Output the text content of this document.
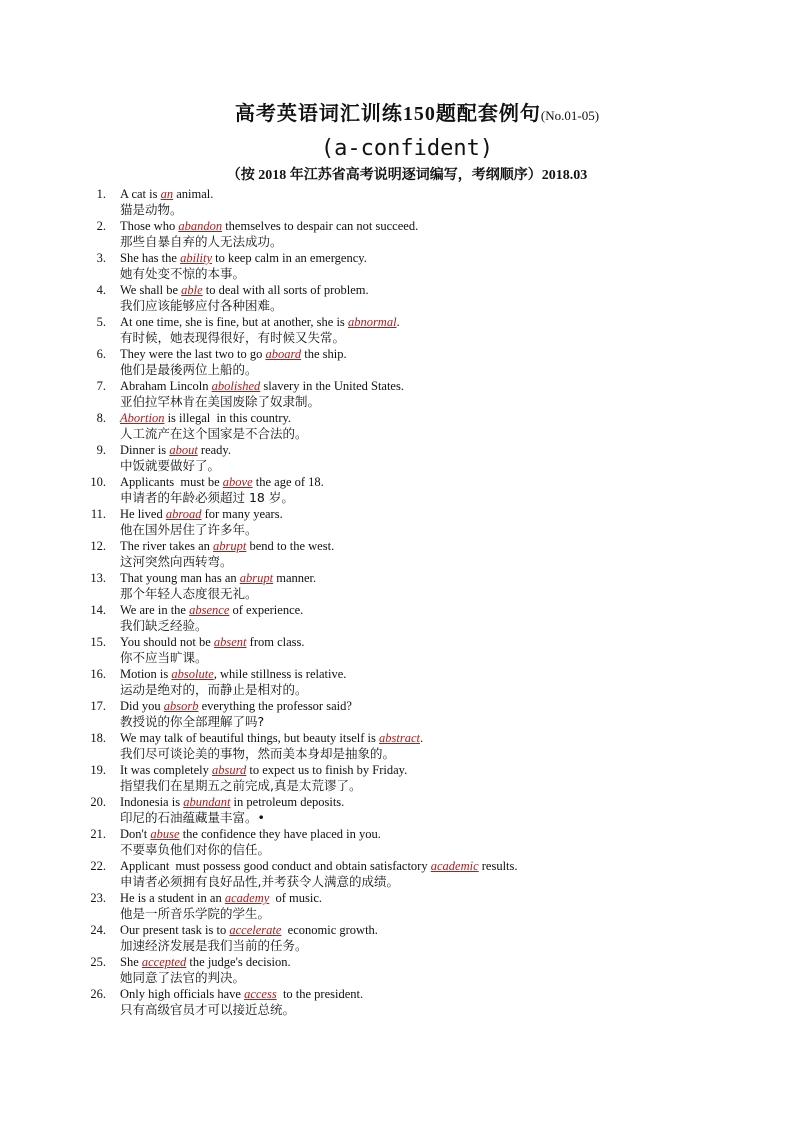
高考英语词汇训练150题配套例句(No.01-05)
(a-confident)
（按 2018 年江苏省高考说明逐词编写，考纲顺序）2018.03
1. A cat is an animal.
猫是动物。
2. Those who abandon themselves to despair can not succeed.
那些自暴自弃的人无法成功。
3. She has the ability to keep calm in an emergency.
她有处变不惊的本事。
4. We shall be able to deal with all sorts of problem.
我们应该能够应付各种困难。
5. At one time, she is fine, but at another, she is abnormal.
有时候，她表现得很好，有时候又失常。
6. They were the last two to go aboard the ship.
他们是最後两位上船的。
7. Abraham Lincoln abolished slavery in the United States.
亚伯拉罕林肯在美国废除了奴隶制。
8. Abortion is illegal  in this country.
人工流产在这个国家是不合法的。
9. Dinner is about ready.
中饭就要做好了。
10. Applicants  must be above the age of 18.
申请者的年龄必须超过 18 岁。
11. He lived abroad for many years.
他在国外居住了许多年。
12. The river takes an abrupt bend to the west.
这河突然向西转弯。
13. That young man has an abrupt manner.
那个年轻人态度很无礼。
14. We are in the absence of experience.
我们缺乏经验。
15. You should not be absent from class.
你不应当旷课。
16. Motion is absolute, while stillness is relative.
运动是绝对的，而静止是相对的。
17. Did you absorb everything the professor said?
教授说的你全部理解了吗?
18. We may talk of beautiful things, but beauty itself is abstract.
我们尽可谈论美的事物，然而美本身却是抽象的。
19. It was completely absurd to expect us to finish by Friday.
指望我们在星期五之前完成,真是太荒谬了。
20. Indonesia is abundant in petroleum deposits.
印尼的石油蕴藏量丰富。•
21. Don't abuse the confidence they have placed in you.
不要辜负他们对你的信任。
22. Applicant  must possess good conduct and obtain satisfactory academic results.
申请者必须拥有良好品性,并考获令人满意的成绩。
23. He is a student in an academy  of music.
他是一所音乐学院的学生。
24. Our present task is to accelerate  economic growth.
加速经济发展是我们当前的任务。
25. She accepted the judge's decision.
她同意了法官的判决。
26. Only high officials have access  to the president.
只有高级官员才可以接近总统。
